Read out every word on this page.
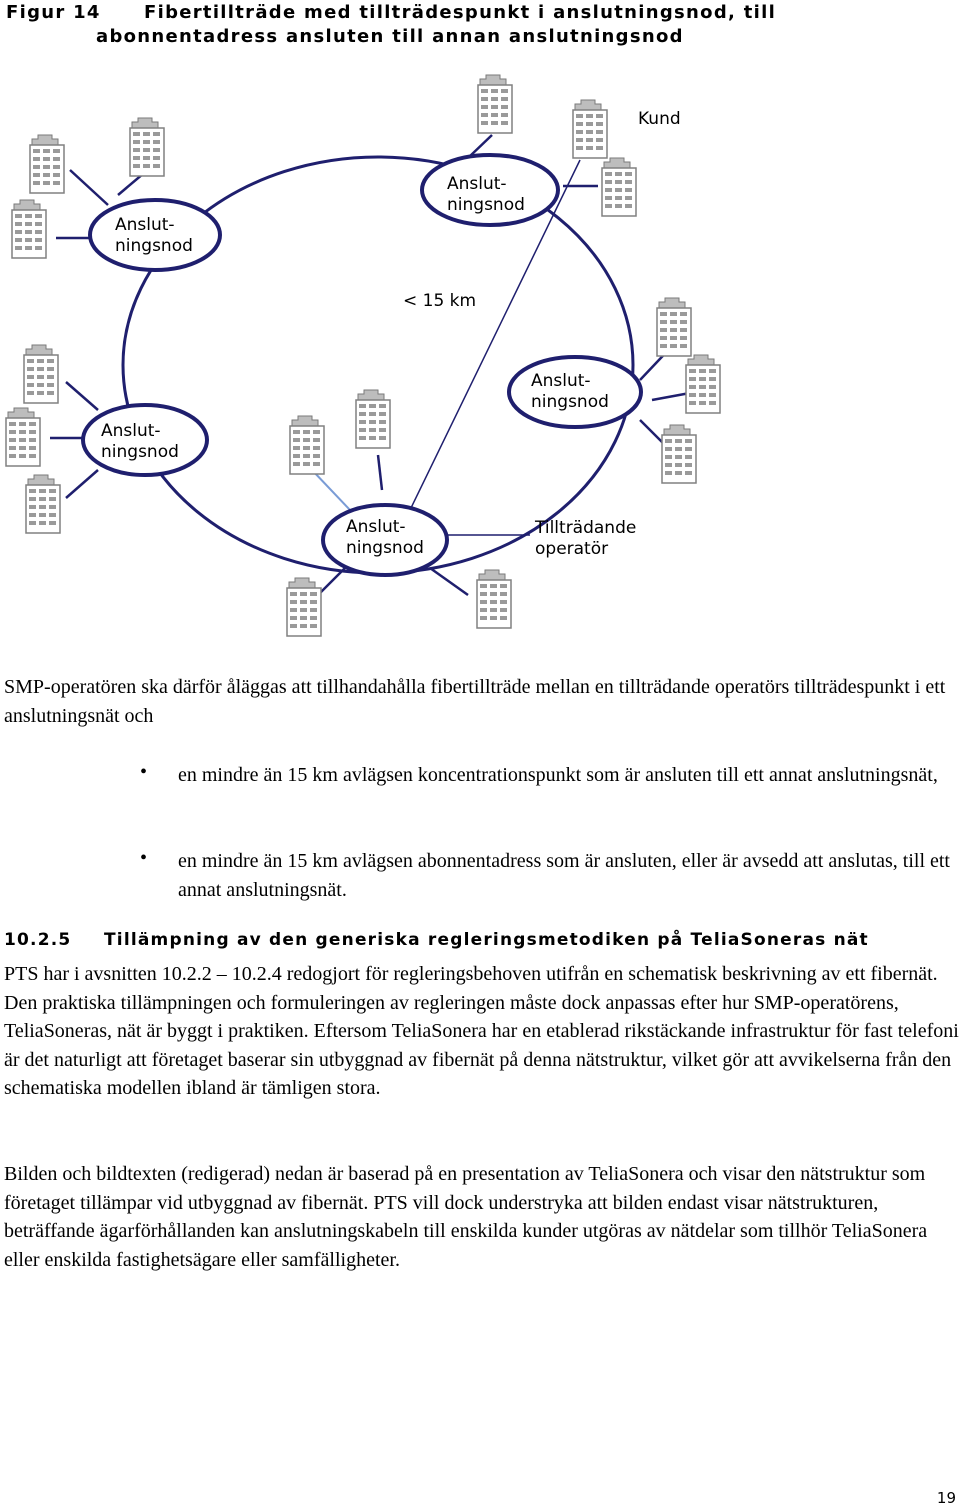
Figur 14 Fibertillträde med tillträdespunkt i anslutningsnod, till
abonnentadress ansluten till annan anslutningsnod
Anslut-
ningsnod
Anslut-
ningsnod
Anslut-
ningsnod
Anslut-
ningsnod
Anslut-
ningsnod
Kund
< 15 km
Tillträdande
operatör
SMP-operatören ska därför åläggas att tillhandahålla fibertillträde mellan en tillträdande operatörs tillträdespunkt i ett anslutningsnät och
• en mindre än 15 km avlägsen koncentrationspunkt som är ansluten till ett annat anslutningsnät,
• en mindre än 15 km avlägsen abonnentadress som är ansluten, eller är avsedd att anslutas, till ett annat anslutningsnät.
10.2.5 Tillämpning av den generiska regleringsmetodiken på TeliaSoneras nät
PTS har i avsnitten 10.2.2 – 10.2.4 redogjort för regleringsbehoven utifrån en schematisk beskrivning av ett fibernät. Den praktiska tillämpningen och formuleringen av regleringen måste dock anpassas efter hur SMP-operatörens, TeliaSoneras, nät är byggt i praktiken. Eftersom TeliaSonera har en etablerad rikstäckande infrastruktur för fast telefoni är det naturligt att företaget baserar sin utbyggnad av fibernät på denna nätstruktur, vilket gör att avvikelserna från den schematiska modellen ibland är tämligen stora.
Bilden och bildtexten (redigerad) nedan är baserad på en presentation av TeliaSonera och visar den nätstruktur som företaget tillämpar vid utbyggnad av fibernät. PTS vill dock understryka att bilden endast visar nätstrukturen, beträffande ägarförhållanden kan anslutningskabeln till enskilda kunder utgöras av nätdelar som tillhör TeliaSonera eller enskilda fastighetsägare eller samfälligheter.
19
